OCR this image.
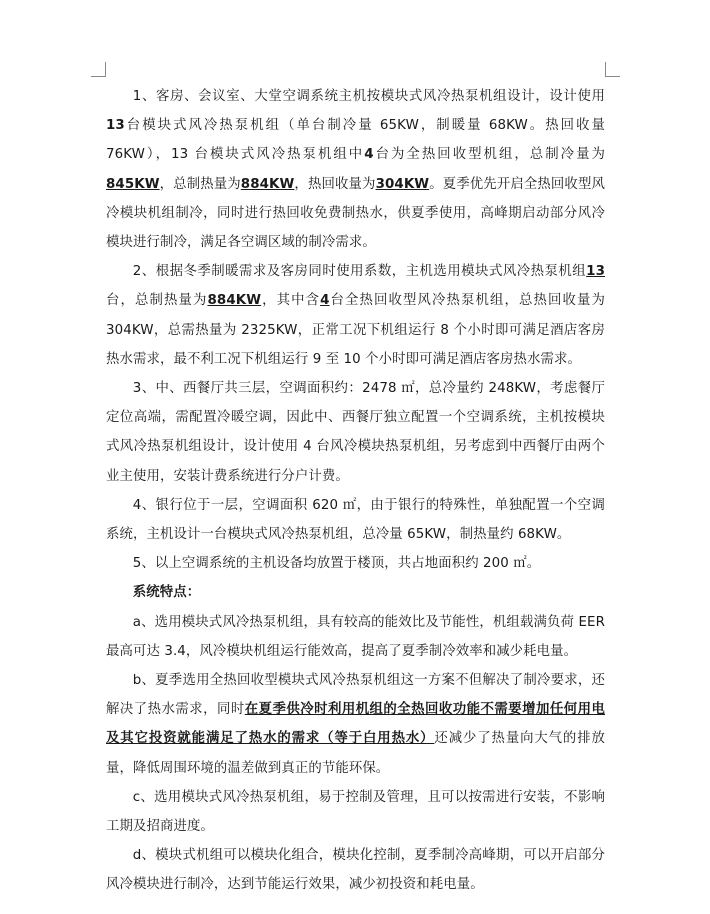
1、客房、会议室、大堂空调系统主机按模块式风冷热泵机组设计，设计使用13台模块式风冷热泵机组（单台制冷量 65KW，制暖量 68KW。热回收量 76KW），13 台模块式风冷热泵机组中4台为全热回收型机组，总制冷量为845KW，总制热量为884KW，热回收量为304KW。夏季优先开启全热回收型风冷模块机组制冷，同时进行热回收免费制热水，供夏季使用，高峰期启动部分风冷模块进行制冷，满足各空调区域的制冷需求。

2、根据冬季制暖需求及客房同时使用系数，主机选用模块式风冷热泵机组13台，总制热量为884KW，其中含4台全热回收型风冷热泵机组，总热回收量为 304KW，总需热量为 2325KW，正常工况下机组运行 8 个小时即可满足酒店客房热水需求，最不利工况下机组运行 9 至 10 个小时即可满足酒店客房热水需求。

3、中、西餐厅共三层，空调面积约：2478 ㎡，总冷量约 248KW，考虑餐厅定位高端，需配置冷暖空调，因此中、西餐厅独立配置一个空调系统，主机按模块式风冷热泵机组设计，设计使用 4 台风冷模块热泵机组，另考虑到中西餐厅由两个业主使用，安装计费系统进行分户计费。

4、银行位于一层，空调面积 620 ㎡，由于银行的特殊性，单独配置一个空调系统，主机设计一台模块式风冷热泵机组，总冷量 65KW，制热量约 68KW。

5、以上空调系统的主机设备均放置于楼顶，共占地面积约 200 ㎡。

系统特点：

a、选用模块式风冷热泵机组，具有较高的能效比及节能性，机组载满负荷 EER 最高可达 3.4，风冷模块机组运行能效高，提高了夏季制冷效率和减少耗电量。

b、夏季选用全热回收型模块式风冷热泵机组这一方案不但解决了制冷要求，还解决了热水需求，同时在夏季供冷时利用机组的全热回收功能不需要增加任何用电及其它投资就能满足了热水的需求（等于白用热水）还减少了热量向大气的排放量，降低周围环境的温差做到真正的节能环保。

c、选用模块式风冷热泵机组，易于控制及管理，且可以按需进行安装，不影响工期及招商进度。

d、模块式机组可以模块化组合，模块化控制，夏季制冷高峰期，可以开启部分风冷模块进行制冷，达到节能运行效果，减少初投资和耗电量。
